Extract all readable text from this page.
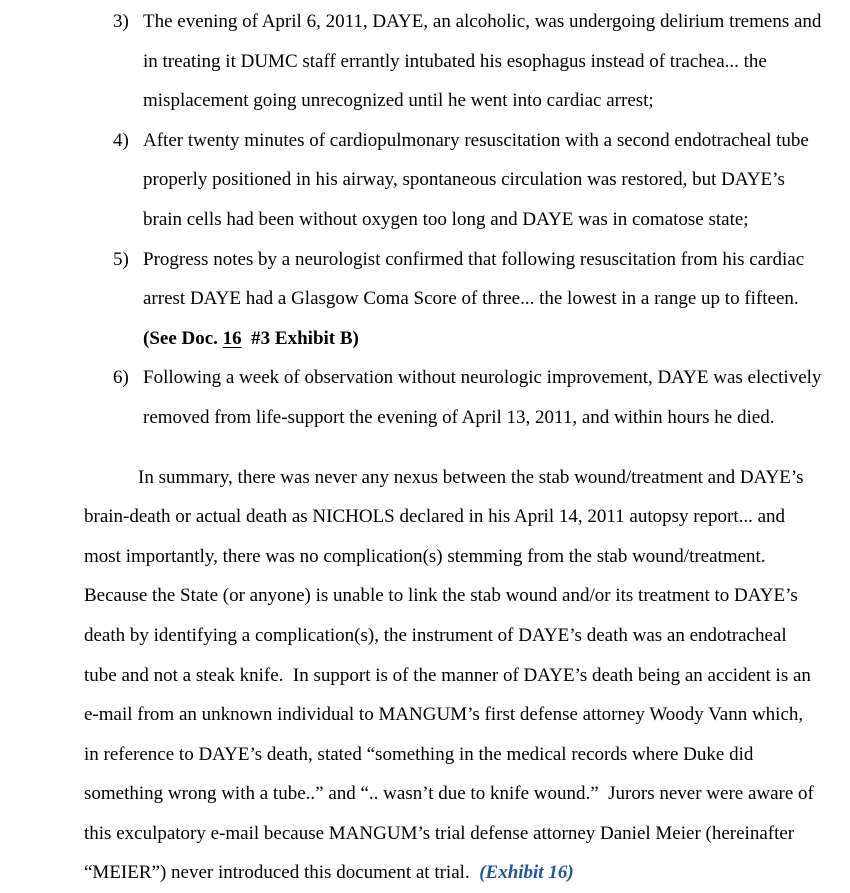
3) The evening of April 6, 2011, DAYE, an alcoholic, was undergoing delirium tremens and
in treating it DUMC staff errantly intubated his esophagus instead of trachea... the
misplacement going unrecognized until he went into cardiac arrest;
4) After twenty minutes of cardiopulmonary resuscitation with a second endotracheal tube
properly positioned in his airway, spontaneous circulation was restored, but DAYE’s
brain cells had been without oxygen too long and DAYE was in comatose state;
5) Progress notes by a neurologist confirmed that following resuscitation from his cardiac
arrest DAYE had a Glasgow Coma Score of three... the lowest in a range up to fifteen.
(See Doc. 16  #3 Exhibit B)
6) Following a week of observation without neurologic improvement, DAYE was electively
removed from life-support the evening of April 13, 2011, and within hours he died.
In summary, there was never any nexus between the stab wound/treatment and DAYE’s
brain-death or actual death as NICHOLS declared in his April 14, 2011 autopsy report... and
most importantly, there was no complication(s) stemming from the stab wound/treatment.
Because the State (or anyone) is unable to link the stab wound and/or its treatment to DAYE’s
death by identifying a complication(s), the instrument of DAYE’s death was an endotracheal
tube and not a steak knife.  In support is of the manner of DAYE’s death being an accident is an
e-mail from an unknown individual to MANGUM’s first defense attorney Woody Vann which,
in reference to DAYE’s death, stated “something in the medical records where Duke did
something wrong with a tube..” and “.. wasn’t due to knife wound.”  Jurors never were aware of
this exculpatory e-mail because MANGUM’s trial defense attorney Daniel Meier (hereinafter
“MEIER”) never introduced this document at trial.  (Exhibit 16)
